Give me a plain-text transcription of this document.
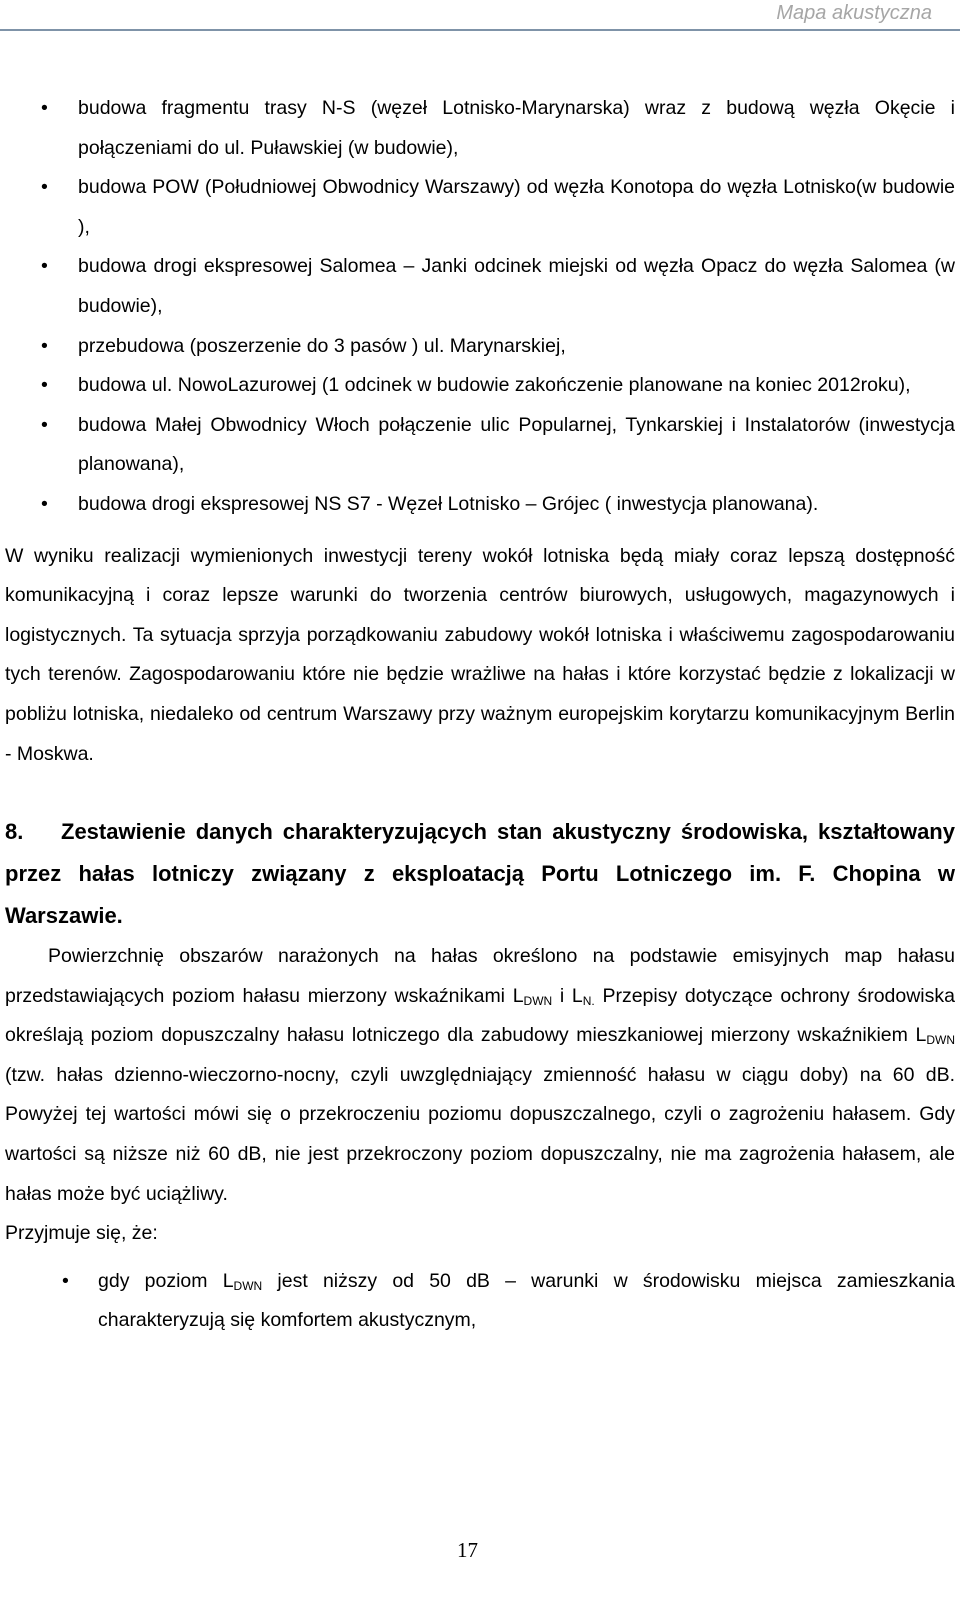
Mapa akustyczna
• budowa fragmentu trasy N-S (węzeł Lotnisko-Marynarska) wraz z budową węzła Okęcie i połączeniami do ul. Puławskiej (w budowie),
• budowa POW (Południowej Obwodnicy Warszawy) od węzła Konotopa do węzła Lotnisko(w budowie ),
• budowa drogi ekspresowej Salomea – Janki odcinek miejski od węzła Opacz do węzła Salomea (w budowie),
• przebudowa (poszerzenie do 3 pasów ) ul. Marynarskiej,
• budowa ul. NowoLazurowej (1 odcinek w budowie zakończenie planowane na koniec 2012roku),
• budowa Małej Obwodnicy Włoch połączenie ulic Popularnej, Tynkarskiej i Instalatorów (inwestycja planowana),
• budowa drogi ekspresowej NS S7 - Węzeł Lotnisko – Grójec ( inwestycja planowana).

W wyniku realizacji wymienionych inwestycji tereny wokół lotniska będą miały coraz lepszą dostępność komunikacyjną i coraz lepsze warunki do tworzenia centrów biurowych, usługowych, magazynowych i logistycznych. Ta sytuacja sprzyja porządkowaniu zabudowy wokół lotniska i właściwemu zagospodarowaniu tych terenów. Zagospodarowaniu które nie będzie wrażliwe na hałas i które korzystać będzie z lokalizacji w pobliżu lotniska, niedaleko od centrum Warszawy przy ważnym europejskim korytarzu komunikacyjnym Berlin - Moskwa.

8. Zestawienie danych charakteryzujących stan akustyczny środowiska, kształtowany przez hałas lotniczy związany z eksploatacją Portu Lotniczego im. F. Chopina w Warszawie.

Powierzchnię obszarów narażonych na hałas określono na podstawie emisyjnych map hałasu przedstawiających poziom hałasu mierzony wskaźnikami $L_{DWN}$ i $L_{N.}$ Przepisy dotyczące ochrony środowiska określają poziom dopuszczalny hałasu lotniczego dla zabudowy mieszkaniowej mierzony wskaźnikiem $L_{DWN}$ (tzw. hałas dzienno-wieczorno-nocny, czyli uwzględniający zmienność hałasu w ciągu doby) na 60 dB. Powyżej tej wartości mówi się o przekroczeniu poziomu dopuszczalnego, czyli o zagrożeniu hałasem. Gdy wartości są niższe niż 60 dB, nie jest przekroczony poziom dopuszczalny, nie ma zagrożenia hałasem, ale hałas może być uciążliwy.

Przyjmuje się, że:

• gdy poziom $L_{DWN}$ jest niższy od 50 dB – warunki w środowisku miejsca zamieszkania charakteryzują się komfortem akustycznym,
17
